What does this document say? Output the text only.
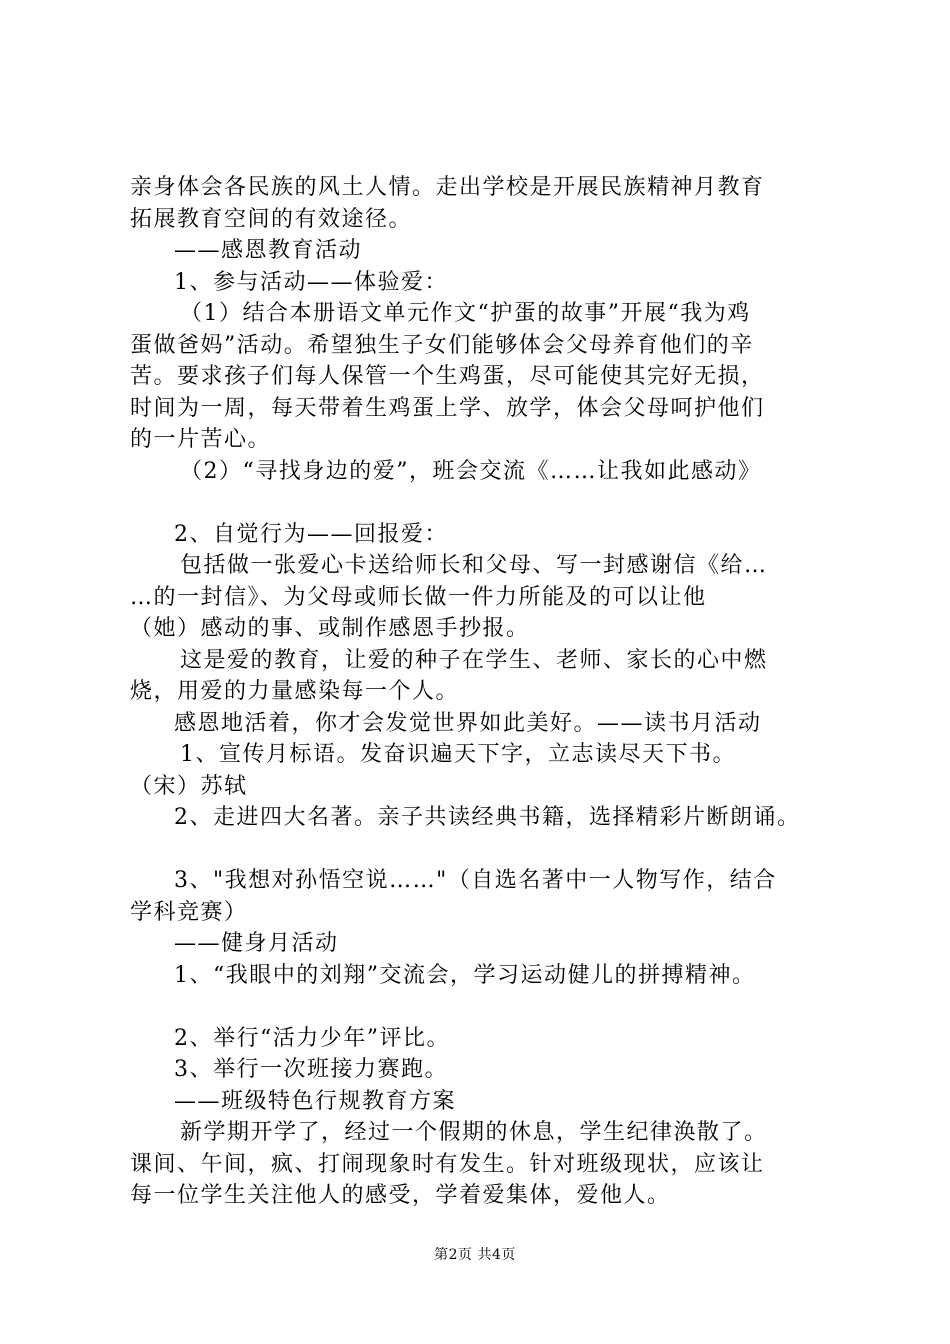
亲身体会各民族的风土人情。走出学校是开展民族精神月教育
拓展教育空间的有效途径。
——感恩教育活动
1、参与活动——体验爱：
（1）结合本册语文单元作文“护蛋的故事”开展“我为鸡
蛋做爸妈”活动。希望独生子女们能够体会父母养育他们的辛
苦。要求孩子们每人保管一个生鸡蛋，尽可能使其完好无损，
时间为一周，每天带着生鸡蛋上学、放学，体会父母呵护他们
的一片苦心。
（2）“寻找身边的爱”，班会交流《……让我如此感动》
2、自觉行为——回报爱：
包括做一张爱心卡送给师长和父母、写一封感谢信《给…
…的一封信》、为父母或师长做一件力所能及的可以让他
（她）感动的事、或制作感恩手抄报。
这是爱的教育，让爱的种子在学生、老师、家长的心中燃
烧，用爱的力量感染每一个人。
感恩地活着，你才会发觉世界如此美好。——读书月活动
1、宣传月标语。发奋识遍天下字，立志读尽天下书。
（宋）苏轼
2、走进四大名著。亲子共读经典书籍，选择精彩片断朗诵。
3、"我想对孙悟空说……"（自选名著中一人物写作，结合
学科竞赛）
——健身月活动
1、“我眼中的刘翔”交流会，学习运动健儿的拼搏精神。
2、举行“活力少年”评比。
3、举行一次班接力赛跑。
——班级特色行规教育方案
新学期开学了，经过一个假期的休息，学生纪律涣散了。
课间、午间，疯、打闹现象时有发生。针对班级现状，应该让
每一位学生关注他人的感受，学着爱集体，爱他人。
第2页 共4页
